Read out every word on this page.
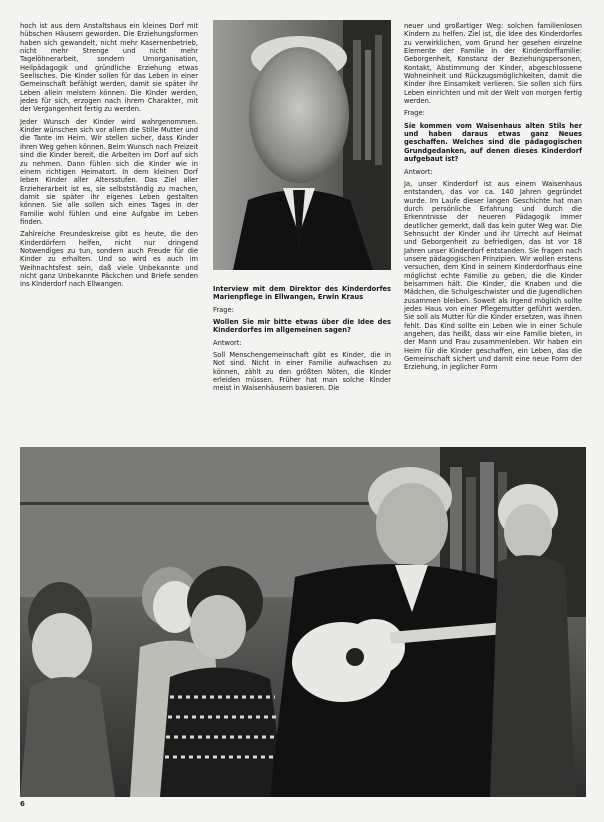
hoch ist aus dem Anstaltshaus ein kleines Dorf mit hübschen Häusern geworden. Die Erziehungsformen haben sich gewandelt, nicht mehr Kasernenbetrieb, nicht mehr Strenge und nicht mehr Tagelöhnerarbeit, sondern Umorganisation, Heilpädagogik und gründliche Erziehung etwas Seelisches. Die Kinder sollen für das Leben in einer Gemeinschaft befähigt werden, damit sie später ihr Leben allein meistern können. Die Kinder werden, jedes für sich, erzogen nach ihrem Charakter, mit der Vergangenheit fertig zu werden.

Jeder Wunsch der Kinder wird wahrgenommen. Kinder wünschen sich vor allem die Stille Mutter und die Tante im Heim. Wir stellen sicher, dass Kinder ihren Weg gehen können. Beim Wunsch nach Freizeit sind die Kinder bereit, die Arbeiten im Dorf auf sich zu nehmen. Dann fühlen sich die Kinder wie in einem richtigen Heimatort. In dem kleinen Dorf leben Kinder aller Altersstufen. Das Ziel aller Erzieherarbeit ist es, sie selbstständig zu machen, damit sie später ihr eigenes Leben gestalten können. Sie alle sollen sich eines Tages in der Familie wohl fühlen und eine Aufgabe im Leben finden.

Zahlreiche Freundeskreise gibt es heute, die den Kinderdörfern helfen, nicht nur dringend Notwendiges zu tun, sondern auch Freude für die Kinder zu erhalten. Und so wird es auch im Weihnachtsfest sein, daß viele Unbekannte und nicht ganz Unbekannte Päckchen und Briefe senden ins Kinderdorf nach Ellwangen.

Interview mit dem Direktor des Kinderdorfes Marienpflege in Ellwangen, Erwin Kraus

Frage:

Wollen Sie mir bitte etwas über die Idee des Kinderdorfes im allgemeinen sagen?

Antwort:

Soll Menschengemeinschaft gibt es Kinder, die in Not sind. Nicht in einer Familie aufwachsen zu können, zählt zu den größten Nöten, die Kinder erleiden müssen. Früher hat man solche Kinder meist in Waisenhäusern basieren. Die

neuer und großartiger Weg: solchen familienlosen Kindern zu helfen. Ziel ist, die Idee des Kinderdorfes zu verwirklichen, vom Grund her gesehen einzelne Elemente der Familie in der Kinderdorffamilie: Geborgenheit, Konstanz der Beziehungspersonen, Kontakt, Abstimmung der Kinder, abgeschlossene Wohneinheit und Rückzugsmöglichkeiten, damit die Kinder ihre Einsamkeit verlieren. Sie sollen sich fürs Leben einrichten und mit der Welt von morgen fertig werden.

Frage:

Sie kommen vom Waisenhaus alten Stils her und haben daraus etwas ganz Neues geschaffen. Welches sind die pädagogischen Grundgedanken, auf denen dieses Kinderdorf aufgebaut ist?

Antwort:

Ja, unser Kinderdorf ist aus einem Waisenhaus entstanden, das vor ca. 140 Jahren gegründet wurde. Im Laufe dieser langen Geschichte hat man durch persönliche Erfahrung und durch die Erkenntnisse der neueren Pädagogik immer deutlicher gemerkt, daß das kein guter Weg war. Die Sehnsucht der Kinder und ihr Urrecht auf Heimat und Geborgenheit zu befriedigen, das ist vor 18 Jahren unser Kinderdorf entstanden. Sie fragen nach unsere pädagogischen Prinzipien. Wir wollen erstens versuchen, dem Kind in seinem Kinderdorfhaus eine möglichst echte Familie zu geben, die die Kinder beisammen hält. Die Kinder, die Knaben und die Mädchen, die Schulgeschwister und die Jugendlichen zusammen bleiben. Soweit als irgend möglich sollte jedes Haus von einer Pflegemutter geführt werden. Sie soll als Mutter für die Kinder ersetzen, was ihnen fehlt. Das Kind sollte ein Leben wie in einer Schule angehen, das heißt, dass wir eine Familie bieten, in der Mann und Frau zusammenleben. Wir haben ein Heim für die Kinder geschaffen, ein Leben, das die Gemeinschaft sichert und damit eine neue Form der Erziehung, in jeglicher Form

6
